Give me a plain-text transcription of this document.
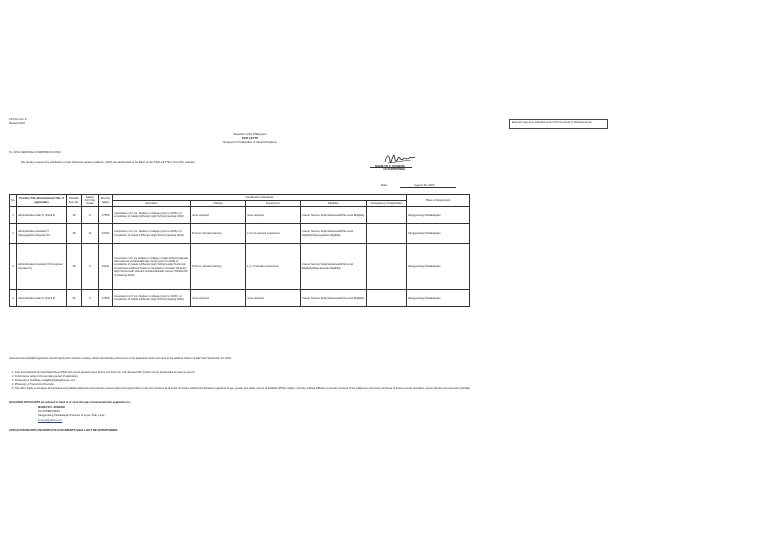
CS Form No. 9
Revised 2018	Electronic copy to be submitted to the CSC FO must be in MS Excel format
Republic of the Philippines
PGO-LEYTE
Request for Publication of Vacant Positions
To: CIVIL SERVICE COMMISSION (CSC)
We hereby request the publication of the following vacant positions, which are authorized to be filled, at the PGO-LEYTE in the CSC website:
MARILYN C. ROSERO
AO SUPERVISING
Date:	August 30, 2024
No.	Position Title (Parenthetical Title, if applicable)	Plantilla Item No.	Salary/ Job/ Pay Grade	Monthly Salary	Qualification Standards					Place of Assignment
					Education	Training	Experience	Eligibility	Competency (if applicable)	
1	Administrative Aide IV (Clerk II)	16	6	17553	Completion of 2 yrs. Studies in college (prior to 2016) / or completion of Grade 12/Senior High School (starting 2016)	none required	none required	Career Service Subprofessional/First Level Eligibility		Sangguniang Panlalawigan
2	Administrative Assistant V (Stenographic Reporter III)	38	11	27000	Completion of 2 yrs. Studies in college (prior to 2016) / or completion of Grade 12/Senior High School (starting 2016)	8 hours' relevant training	2 yrs of relevant experience	Career Service Subprofessional/First Level Eligibility/Stenographer Eligibility		Sangguniang Panlalawigan
3	Administrative Assistant III (Computer Operator II)	18	9	21211	Completion of 2 yrs studies in college or High School graduate with relevant vocational/trade course (prior to 2016) or completion of Grade 12/Senior High School under Technical-Vocational-Livelihood Track or completion of Grade 10/Junior High School with relevant vocational/trade course (TRSDA NC II) (starting 2016)	8 hours' relevant training	1 yr of relevant experience	Career Service Subprofessional/First Level Eligibility/Data Encoder Eligibility		Sangguniang Panlalawigan
4	Administrative Aide IV (Clerk II)	20	6	17553	Completion of 2 yrs. Studies in college (prior to 2016) / or completion of Grade 12/Senior High School (starting 2016)	none required	none required	Career Service Subprofessional/First Level Eligibility		Sangguniang Panlalawigan
Interested and qualified applicants should signify their interest in writing. Attach the following documents to the application letter and send to the address below not later than September 10, 2024.
1. Fully accomplished Personal Data Sheet (PDS) with recent passport-sized picture (CS Form No. 212, Revised 2017) which can be downloaded at www.csc.gov.ph;
2. Performance rating in the last rating period (if applicable);
3. Photocopy of certificate of eligibility/rating/license; and
4. Photocopy of Transcript of Records.
5. This office highly encourages all interested and qualified applicants and promotes equal employment opportunities to all most members at all levels of position without discrimination regardless of age, gender and status, person of disability (PWD), religion, ethnicity, political affiliation to include members of the indigenous community and those of diverse sexual orientation, gender identity and expression (SOGIE).
QUALIFIED APPLICANTS are advised to hand in or send through courier/email their application to:
MARILYN C. ROSERO
AO SUPERVISING
Sangguniang Panlalawigan Province of Leyte, Palo, Leyte
sp.leyte@yahoo.com
APPLICATIONS WITH INCOMPLETE DOCUMENTS SHALL NOT BE ENTERTAINED.
